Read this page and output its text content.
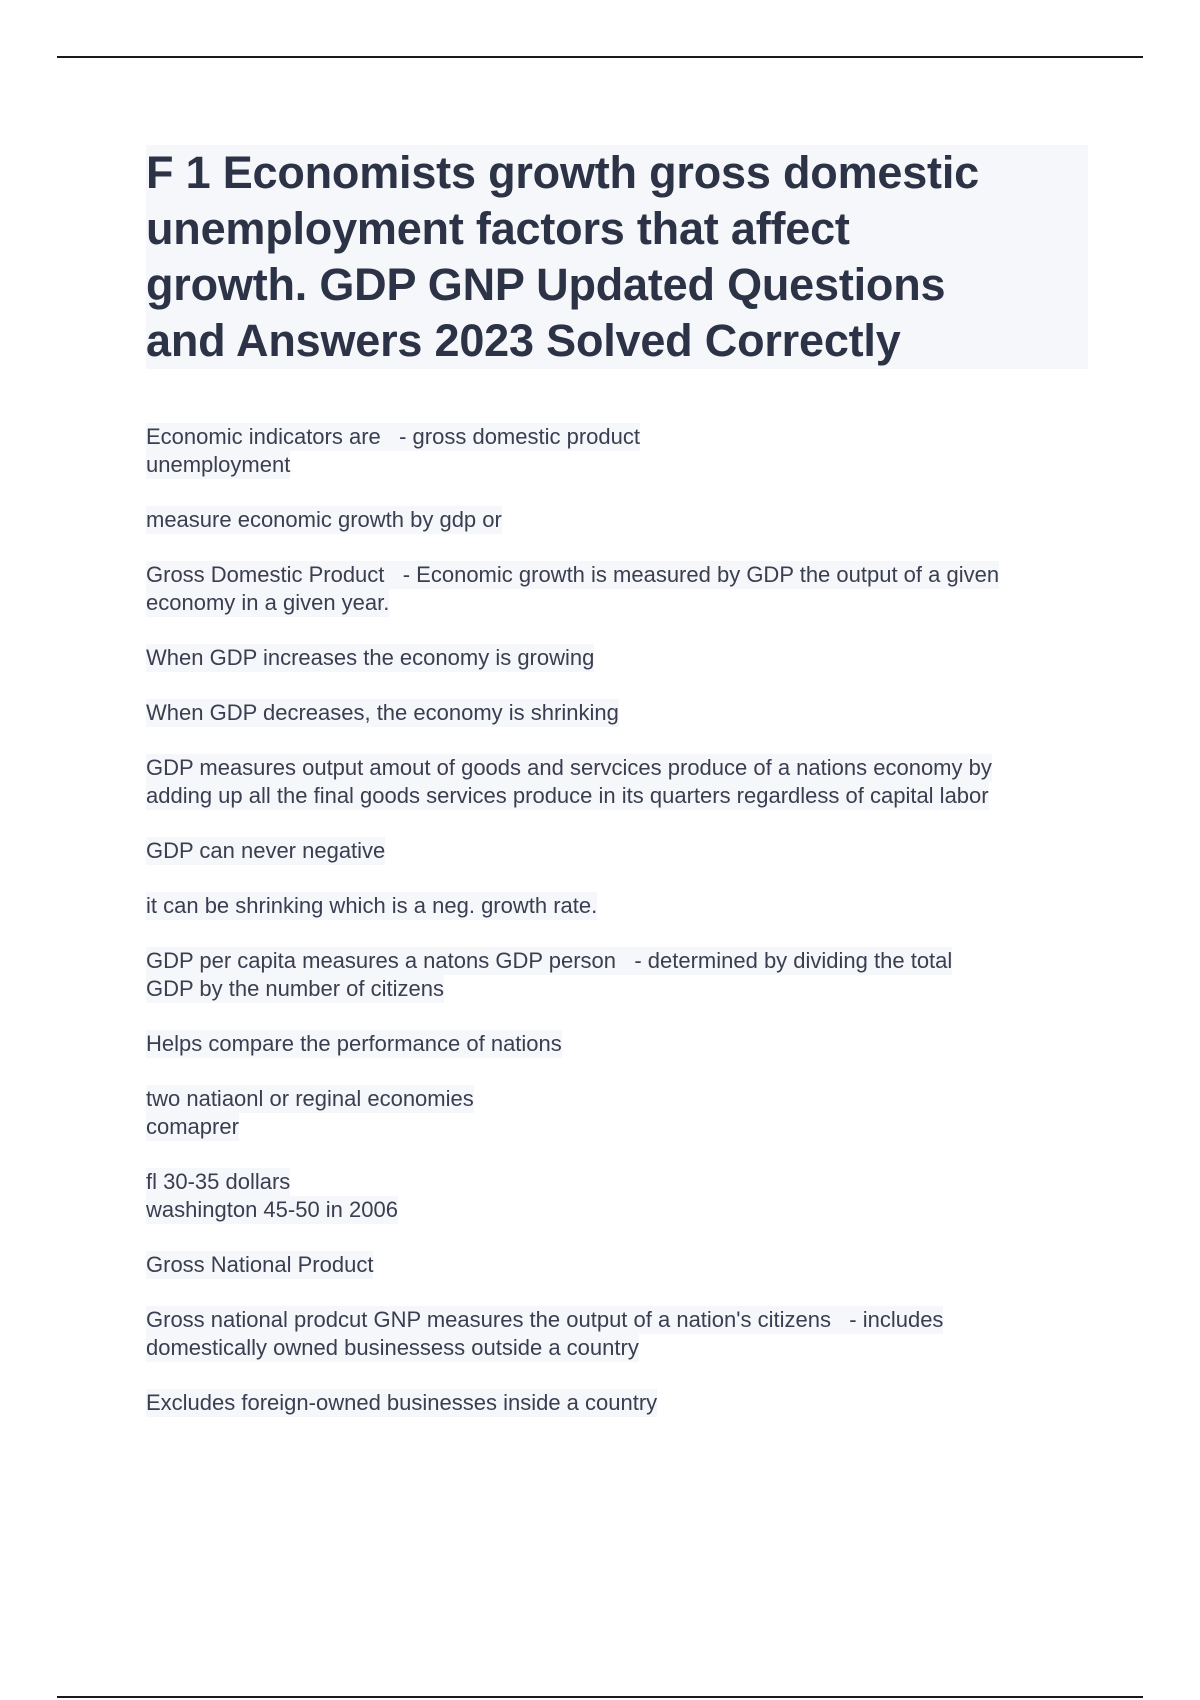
F 1 Economists growth gross domestic
unemployment factors that affect
growth. GDP GNP Updated Questions
and Answers 2023 Solved Correctly
Economic indicators are   - gross domestic product
unemployment
measure economic growth by gdp or
Gross Domestic Product   - Economic growth is measured by GDP the output of a given
economy in a given year.
When GDP increases the economy is growing
When GDP decreases, the economy is shrinking
GDP measures output amout of goods and servcices produce of a nations economy by
adding up all the final goods services produce in its quarters regardless of capital labor
GDP can never negative
it can be shrinking which is a neg. growth rate.
GDP per capita measures a natons GDP person   - determined by dividing the total
GDP by the number of citizens
Helps compare the performance of nations
two natiaonl or reginal economies
comaprer
fl 30-35 dollars
washington 45-50 in 2006
Gross National Product
Gross national prodcut GNP measures the output of a nation's citizens   - includes
domestically owned businessess outside a country
Excludes foreign-owned businesses inside a country
